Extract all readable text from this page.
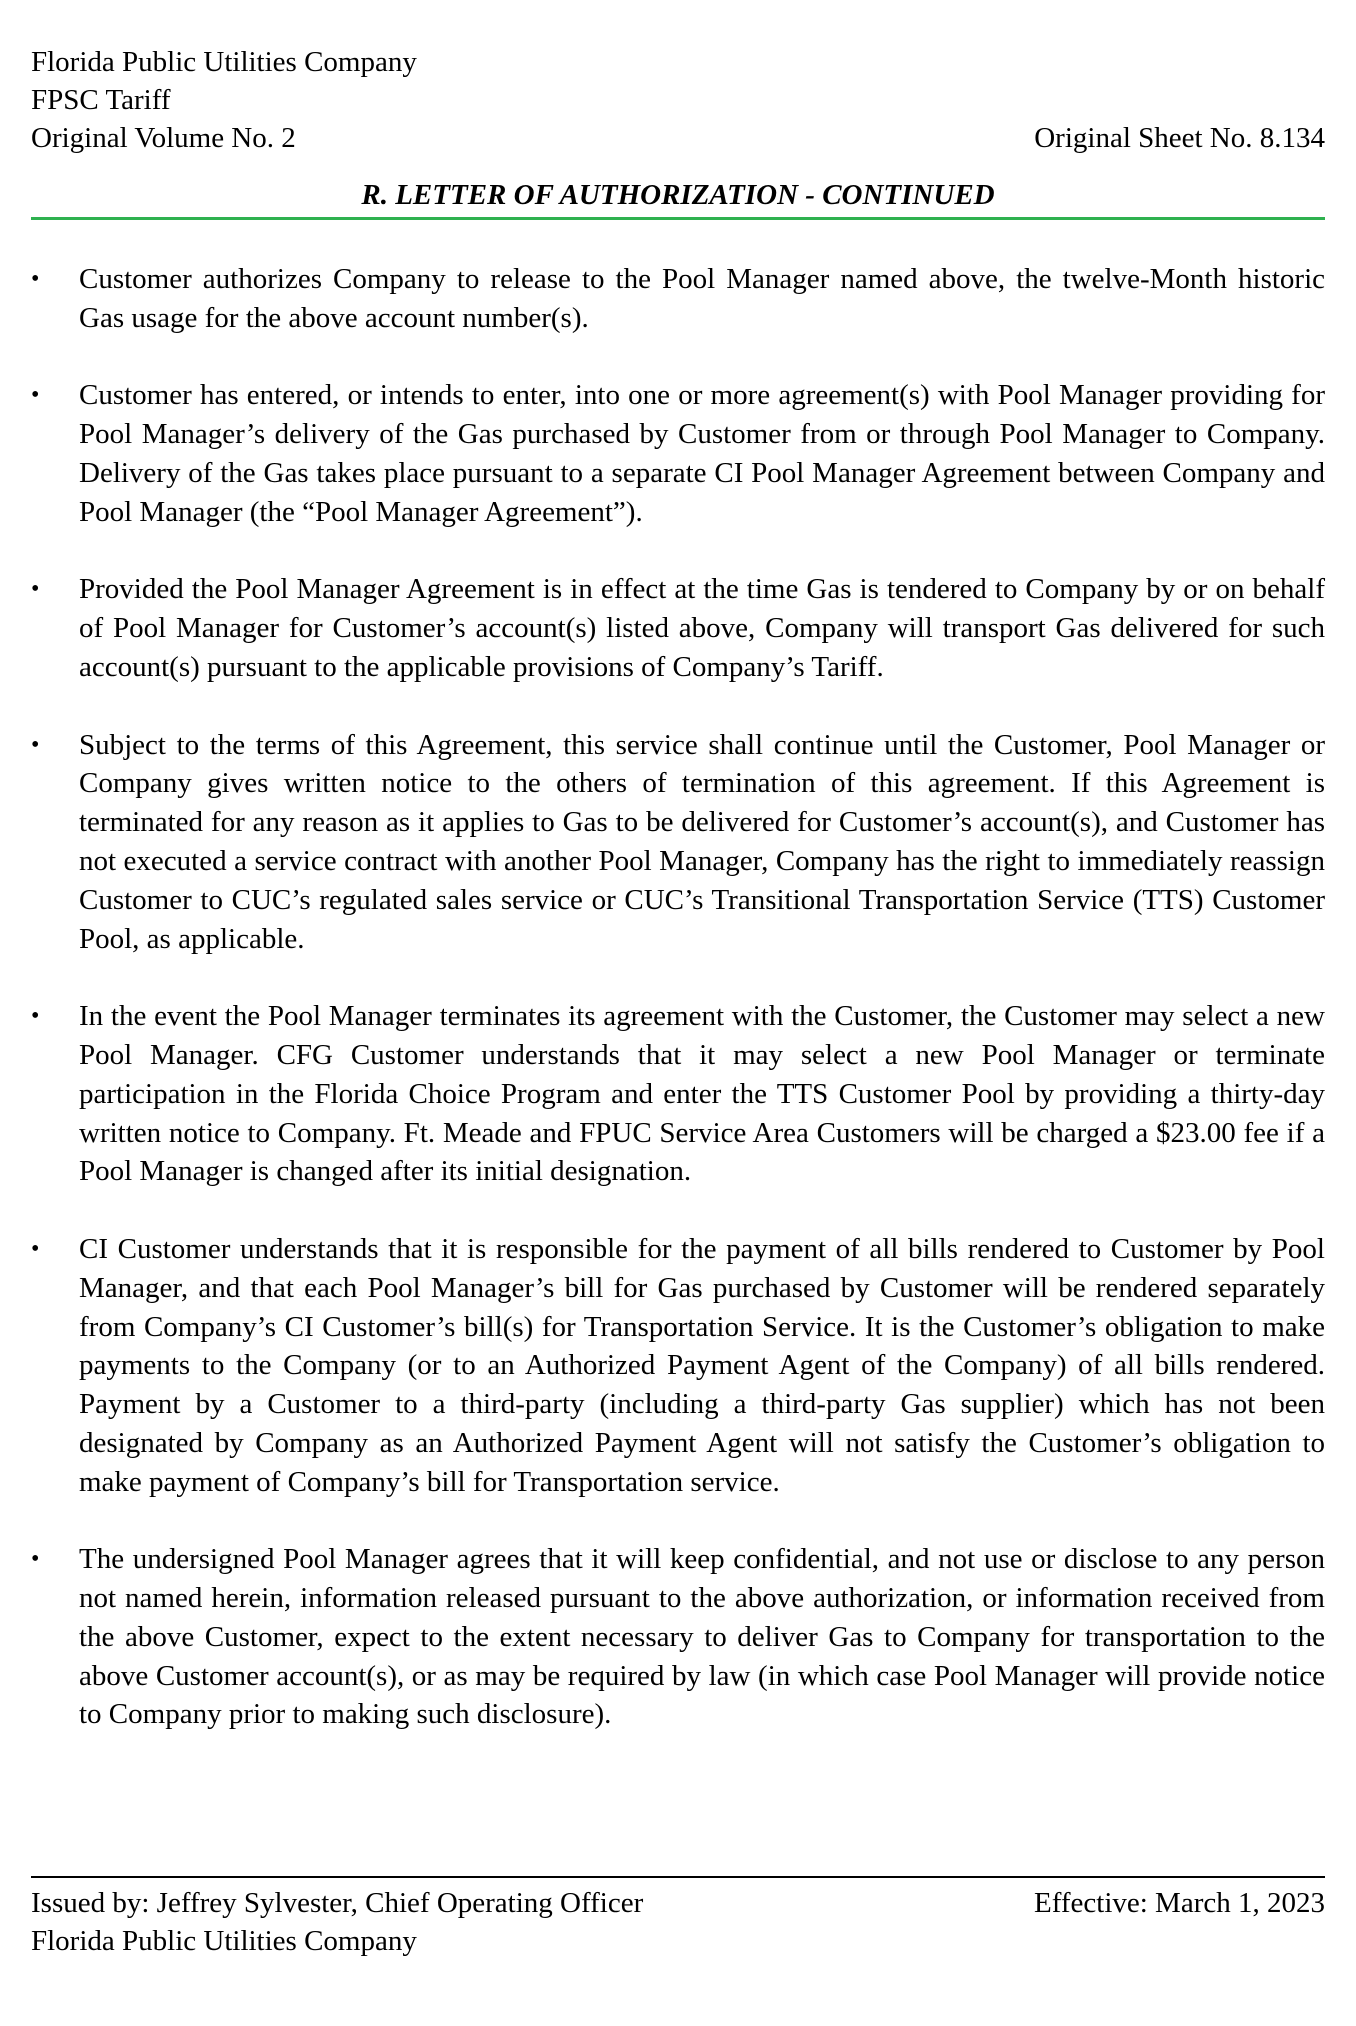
Florida Public Utilities Company
FPSC Tariff
Original Volume No. 2	Original Sheet No. 8.134
R. LETTER OF AUTHORIZATION - CONTINUED
• Customer authorizes Company to release to the Pool Manager named above, the twelve-Month historic Gas usage for the above account number(s).
• Customer has entered, or intends to enter, into one or more agreement(s) with Pool Manager providing for Pool Manager’s delivery of the Gas purchased by Customer from or through Pool Manager to Company. Delivery of the Gas takes place pursuant to a separate CI Pool Manager Agreement between Company and Pool Manager (the “Pool Manager Agreement”).
• Provided the Pool Manager Agreement is in effect at the time Gas is tendered to Company by or on behalf of Pool Manager for Customer’s account(s) listed above, Company will transport Gas delivered for such account(s) pursuant to the applicable provisions of Company’s Tariff.
• Subject to the terms of this Agreement, this service shall continue until the Customer, Pool Manager or Company gives written notice to the others of termination of this agreement. If this Agreement is terminated for any reason as it applies to Gas to be delivered for Customer’s account(s), and Customer has not executed a service contract with another Pool Manager, Company has the right to immediately reassign Customer to CUC’s regulated sales service or CUC’s Transitional Transportation Service (TTS) Customer Pool, as applicable.
• In the event the Pool Manager terminates its agreement with the Customer, the Customer may select a new Pool Manager. CFG Customer understands that it may select a new Pool Manager or terminate participation in the Florida Choice Program and enter the TTS Customer Pool by providing a thirty-day written notice to Company. Ft. Meade and FPUC Service Area Customers will be charged a $23.00 fee if a Pool Manager is changed after its initial designation.
• CI Customer understands that it is responsible for the payment of all bills rendered to Customer by Pool Manager, and that each Pool Manager’s bill for Gas purchased by Customer will be rendered separately from Company’s CI Customer’s bill(s) for Transportation Service. It is the Customer’s obligation to make payments to the Company (or to an Authorized Payment Agent of the Company) of all bills rendered. Payment by a Customer to a third-party (including a third-party Gas supplier) which has not been designated by Company as an Authorized Payment Agent will not satisfy the Customer’s obligation to make payment of Company’s bill for Transportation service.
• The undersigned Pool Manager agrees that it will keep confidential, and not use or disclose to any person not named herein, information released pursuant to the above authorization, or information received from the above Customer, expect to the extent necessary to deliver Gas to Company for transportation to the above Customer account(s), or as may be required by law (in which case Pool Manager will provide notice to Company prior to making such disclosure).
Issued by: Jeffrey Sylvester, Chief Operating Officer	Effective: March 1, 2023
Florida Public Utilities Company
